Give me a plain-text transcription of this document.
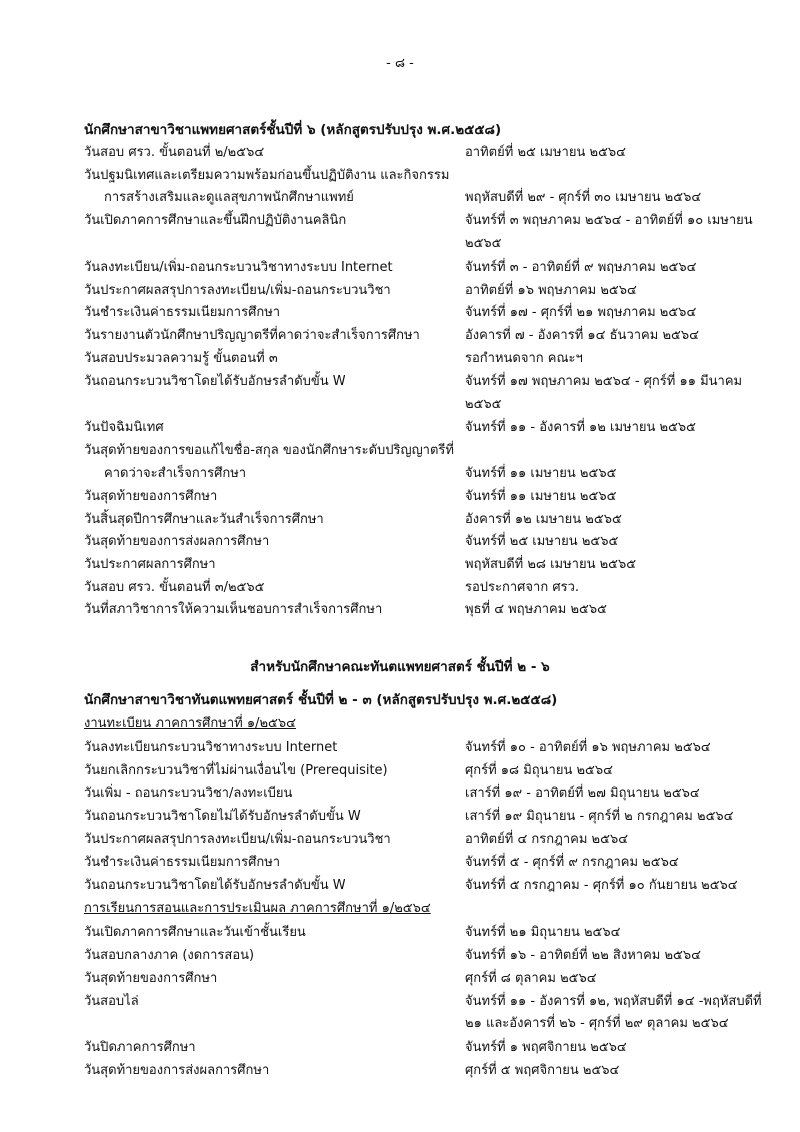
- ๘ -
นักศึกษาสาขาวิชาแพทยศาสตร์ชั้นปีที่ ๖ (หลักสูตรปรับปรุง พ.ศ.๒๕๕๘)
วันสอบ ศรว. ขั้นตอนที่ ๒/๒๕๖๔	อาทิตย์ที่ ๒๕ เมษายน ๒๕๖๔
วันปฐมนิเทศและเตรียมความพร้อมก่อนขึ้นปฏิบัติงาน และกิจกรรม
การสร้างเสริมและดูแลสุขภาพนักศึกษาแพทย์	พฤหัสบดีที่ ๒๙ - ศุกร์ที่ ๓๐ เมษายน ๒๕๖๔
วันเปิดภาคการศึกษาและขึ้นฝึกปฏิบัติงานคลินิก	จันทร์ที่ ๓ พฤษภาคม ๒๕๖๔ - อาทิตย์ที่ ๑๐ เมษายน
๒๕๖๕
วันลงทะเบียน/เพิ่ม-ถอนกระบวนวิชาทางระบบ Internet	จันทร์ที่ ๓ - อาทิตย์ที่ ๙ พฤษภาคม ๒๕๖๔
วันประกาศผลสรุปการลงทะเบียน/เพิ่ม-ถอนกระบวนวิชา	อาทิตย์ที่ ๑๖ พฤษภาคม ๒๕๖๔
วันชำระเงินค่าธรรมเนียมการศึกษา	จันทร์ที่ ๑๗ - ศุกร์ที่ ๒๑ พฤษภาคม ๒๕๖๔
วันรายงานตัวนักศึกษาปริญญาตรีที่คาดว่าจะสำเร็จการศึกษา	อังคารที่ ๗ - อังคารที่ ๑๔ ธันวาคม ๒๕๖๔
วันสอบประมวลความรู้ ขั้นตอนที่ ๓	รอกำหนดจาก คณะฯ
วันถอนกระบวนวิชาโดยได้รับอักษรลำดับขั้น W	จันทร์ที่ ๑๗ พฤษภาคม ๒๕๖๔ - ศุกร์ที่ ๑๑ มีนาคม
๒๕๖๕
วันปัจฉิมนิเทศ	จันทร์ที่ ๑๑ - อังคารที่ ๑๒ เมษายน ๒๕๖๕
วันสุดท้ายของการขอแก้ไขชื่อ-สกุล ของนักศึกษาระดับปริญญาตรีที่
คาดว่าจะสำเร็จการศึกษา	จันทร์ที่ ๑๑ เมษายน ๒๕๖๕
วันสุดท้ายของการศึกษา	จันทร์ที่ ๑๑ เมษายน ๒๕๖๕
วันสิ้นสุดปีการศึกษาและวันสำเร็จการศึกษา	อังคารที่ ๑๒ เมษายน ๒๕๖๕
วันสุดท้ายของการส่งผลการศึกษา	จันทร์ที่ ๒๕ เมษายน ๒๕๖๕
วันประกาศผลการศึกษา	พฤหัสบดีที่ ๒๘ เมษายน ๒๕๖๕
วันสอบ ศรว. ขั้นตอนที่ ๓/๒๕๖๕	รอประกาศจาก ศรว.
วันที่สภาวิชาการให้ความเห็นชอบการสำเร็จการศึกษา	พุธที่ ๔ พฤษภาคม ๒๕๖๕
สำหรับนักศึกษาคณะทันตแพทยศาสตร์ ชั้นปีที่ ๒ - ๖
นักศึกษาสาขาวิชาทันตแพทยศาสตร์ ชั้นปีที่ ๒ - ๓ (หลักสูตรปรับปรุง พ.ศ.๒๕๕๘)
งานทะเบียน ภาคการศึกษาที่ ๑/๒๕๖๔
วันลงทะเบียนกระบวนวิชาทางระบบ Internet	จันทร์ที่ ๑๐ - อาทิตย์ที่ ๑๖ พฤษภาคม ๒๕๖๔
วันยกเลิกกระบวนวิชาที่ไม่ผ่านเงื่อนไข (Prerequisite)	ศุกร์ที่ ๑๘ มิถุนายน ๒๕๖๔
วันเพิ่ม - ถอนกระบวนวิชา/ลงทะเบียน	เสาร์ที่ ๑๙ - อาทิตย์ที่ ๒๗ มิถุนายน ๒๕๖๔
วันถอนกระบวนวิชาโดยไม่ได้รับอักษรลำดับขั้น W	เสาร์ที่ ๑๙ มิถุนายน - ศุกร์ที่ ๒ กรกฎาคม ๒๕๖๔
วันประกาศผลสรุปการลงทะเบียน/เพิ่ม-ถอนกระบวนวิชา	อาทิตย์ที่ ๔ กรกฎาคม ๒๕๖๔
วันชำระเงินค่าธรรมเนียมการศึกษา	จันทร์ที่ ๕ - ศุกร์ที่ ๙ กรกฎาคม ๒๕๖๔
วันถอนกระบวนวิชาโดยได้รับอักษรลำดับขั้น W	จันทร์ที่ ๕ กรกฎาคม - ศุกร์ที่ ๑๐ กันยายน ๒๕๖๔
การเรียนการสอนและการประเมินผล ภาคการศึกษาที่ ๑/๒๕๖๔
วันเปิดภาคการศึกษาและวันเข้าชั้นเรียน	จันทร์ที่ ๒๑ มิถุนายน ๒๕๖๔
วันสอบกลางภาค (งดการสอน)	จันทร์ที่ ๑๖ - อาทิตย์ที่ ๒๒ สิงหาคม ๒๕๖๔
วันสุดท้ายของการศึกษา	ศุกร์ที่ ๘ ตุลาคม ๒๕๖๔
วันสอบไล่	จันทร์ที่ ๑๑ - อังคารที่ ๑๒, พฤหัสบดีที่ ๑๔ -พฤหัสบดีที่
๒๑ และอังคารที่ ๒๖ - ศุกร์ที่ ๒๙ ตุลาคม ๒๕๖๔
วันปิดภาคการศึกษา	จันทร์ที่ ๑ พฤศจิกายน ๒๕๖๔
วันสุดท้ายของการส่งผลการศึกษา	ศุกร์ที่ ๕ พฤศจิกายน ๒๕๖๔
